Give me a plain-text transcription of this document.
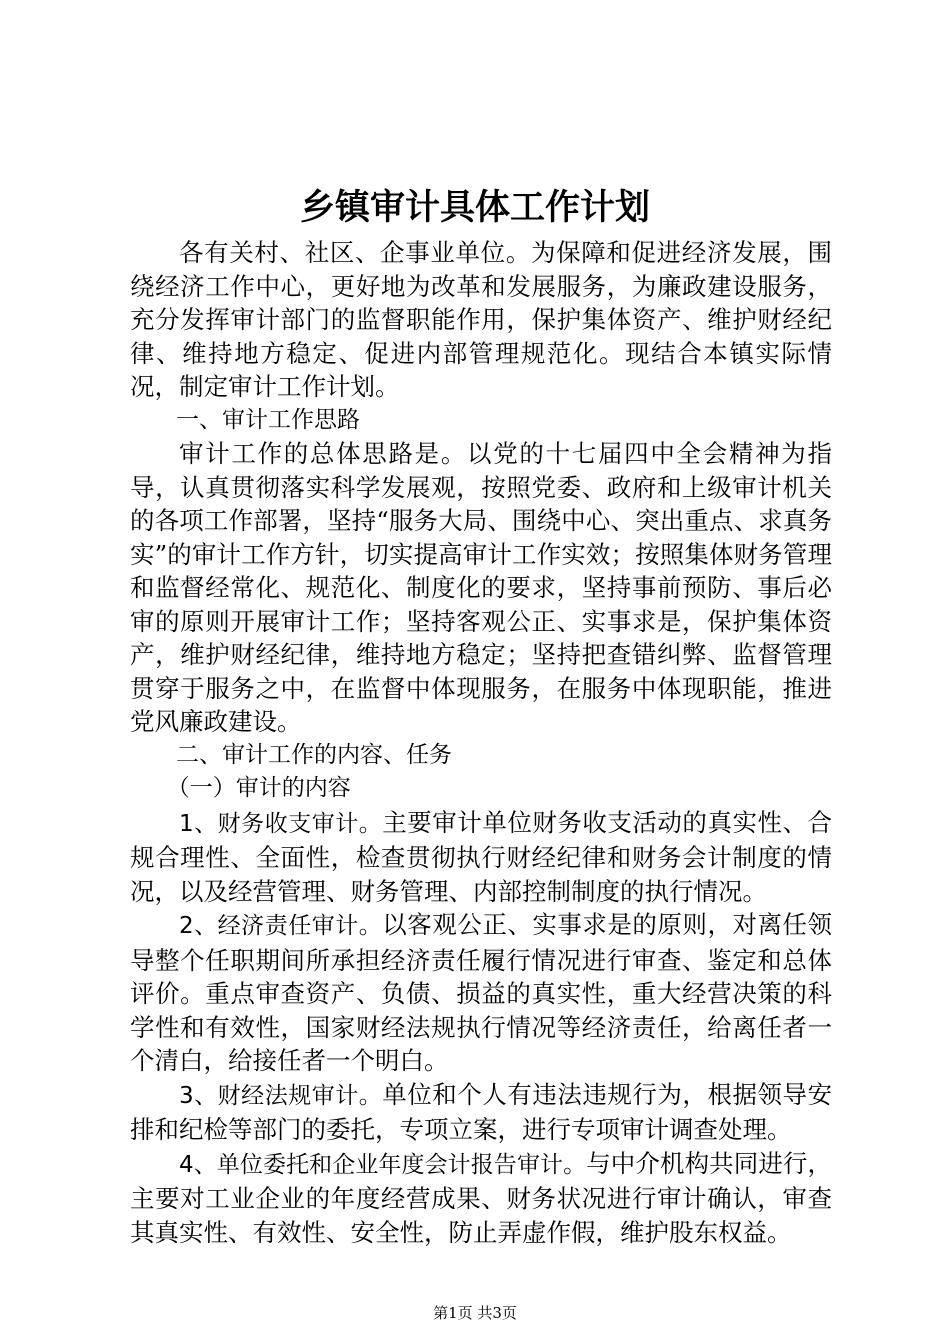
乡镇审计具体工作计划

各有关村、社区、企事业单位。为保障和促进经济发展，围绕经济工作中心，更好地为改革和发展服务，为廉政建设服务，充分发挥审计部门的监督职能作用，保护集体资产、维护财经纪律、维持地方稳定、促进内部管理规范化。现结合本镇实际情况，制定审计工作计划。

一、审计工作思路

审计工作的总体思路是。以党的十七届四中全会精神为指导，认真贯彻落实科学发展观，按照党委、政府和上级审计机关的各项工作部署，坚持“服务大局、围绕中心、突出重点、求真务实”的审计工作方针，切实提高审计工作实效；按照集体财务管理和监督经常化、规范化、制度化的要求，坚持事前预防、事后必审的原则开展审计工作；坚持客观公正、实事求是，保护集体资产，维护财经纪律，维持地方稳定；坚持把查错纠弊、监督管理贯穿于服务之中，在监督中体现服务，在服务中体现职能，推进党风廉政建设。

二、审计工作的内容、任务

（一）审计的内容

1、财务收支审计。主要审计单位财务收支活动的真实性、合规合理性、全面性，检查贯彻执行财经纪律和财务会计制度的情况，以及经营管理、财务管理、内部控制制度的执行情况。

2、经济责任审计。以客观公正、实事求是的原则，对离任领导整个任职期间所承担经济责任履行情况进行审查、鉴定和总体评价。重点审查资产、负债、损益的真实性，重大经营决策的科学性和有效性，国家财经法规执行情况等经济责任，给离任者一个清白，给接任者一个明白。

3、财经法规审计。单位和个人有违法违规行为，根据领导安排和纪检等部门的委托，专项立案，进行专项审计调查处理。

4、单位委托和企业年度会计报告审计。与中介机构共同进行，主要对工业企业的年度经营成果、财务状况进行审计确认，审查其真实性、有效性、安全性，防止弄虚作假，维护股东权益。

第1页 共3页
